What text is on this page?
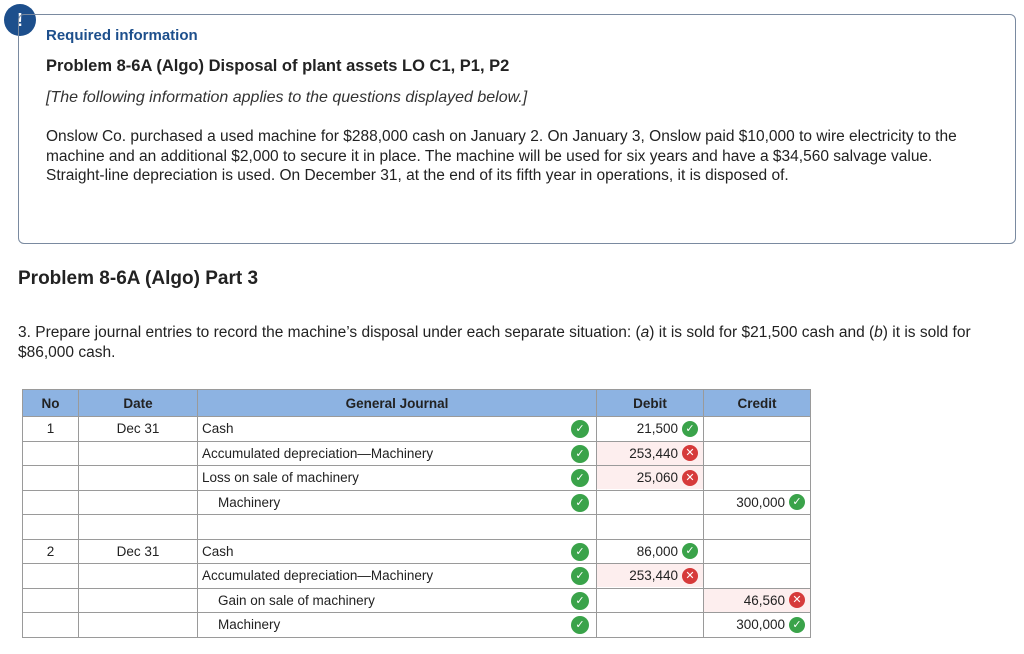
!
Required information
Problem 8-6A (Algo) Disposal of plant assets LO C1, P1, P2
[The following information applies to the questions displayed below.]

Onslow Co. purchased a used machine for $288,000 cash on January 2. On January 3, Onslow paid $10,000 to wire electricity to the machine and an additional $2,000 to secure it in place. The machine will be used for six years and have a $34,560 salvage value. Straight-line depreciation is used. On December 31, at the end of its fifth year in operations, it is disposed of.

Problem 8-6A (Algo) Part 3

3. Prepare journal entries to record the machine’s disposal under each separate situation: (a) it is sold for $21,500 cash and (b) it is sold for $86,000 cash.

No	Date	General Journal	Debit	Credit
1	Dec 31	Cash ✓	21,500 ✓	

		Accumulated depreciation—Machinery ✓	253,440 ✕	

		Loss on sale of machinery ✓	25,060 ✕	

		Machinery ✓		300,000 ✓

2	Dec 31	Cash ✓	86,000 ✓	

		Accumulated depreciation—Machinery ✓	253,440 ✕	

		Gain on sale of machinery ✓		46,560 ✕

		Machinery ✓		300,000 ✓
